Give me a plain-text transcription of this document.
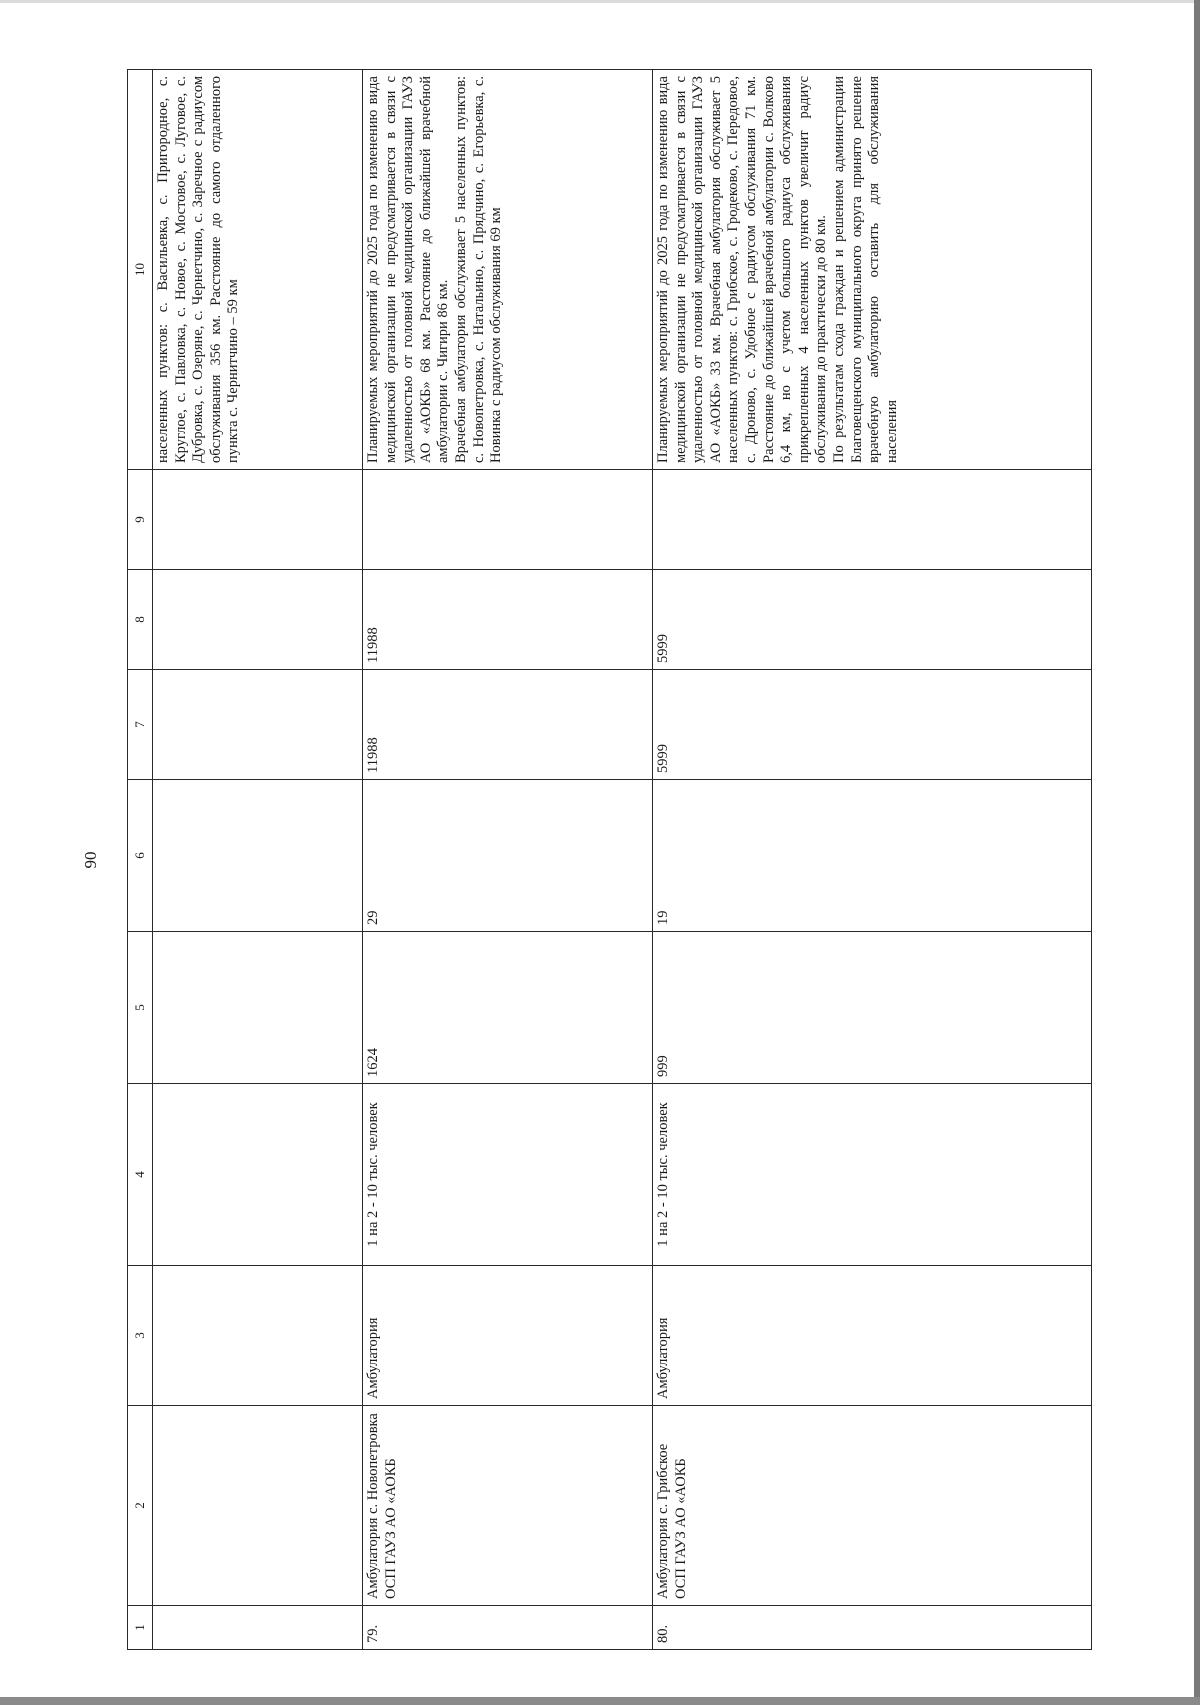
90
1	2	3	4	5	6	7	8	9	10

									населенных пунктов: с. Васильевка, с. Пригородное, с. Круглое, с. Павловка, с. Новое, с. Мостовое, с. Луговое, с. Дубровка, с. Озеряне, с. Чернетчино, с. Заречное с радиусом обслуживания 356 км. Расстояние до самого отдаленного пункта с. Чернитчино – 59 км

79.	Амбулатория с. Новопетровка ОСП ГАУЗ АО «АОКБ	Амбулатория	1 на 2 - 10 тыс. человек	1624	29	11988	11988		Планируемых мероприятий до 2025 года по изменению вида медицинской организации не предусматривается в связи с удаленностью от головной медицинской организации ГАУЗ АО «АОКБ» 68 км. Расстояние до ближайшей врачебной амбулатории с. Чигири 86 км. Врачебная амбулатория обслуживает 5 населенных пунктов: с. Новопетровка, с. Натальино, с. Прядчино, с. Егорьевка, с. Новинка с радиусом обслуживания 69 км

80.	Амбулатория с. Грибское ОСП ГАУЗ АО «АОКБ	Амбулатория	1 на 2 - 10 тыс. человек	999	19	5999	5999		Планируемых мероприятий до 2025 года по изменению вида медицинской организации не предусматривается в связи с удаленностью от головной медицинской организации ГАУЗ АО «АОКБ» 33 км. Врачебная амбулатория обслуживает 5 населенных пунктов: с. Грибское, с. Гродеково, с. Передовое, с. Дроново, с. Удобное с радиусом обслуживания 71 км. Расстояние до ближайшей врачебной амбулатории с. Волково 6,4 км, но с учетом большого радиуса обслуживания прикрепленных 4 населенных пунктов увеличит радиус обслуживания до практически до 80 км. По результатам схода граждан и решением администрации Благовещенского муниципального округа принято решение врачебную амбулаторию оставить для обслуживания населения
